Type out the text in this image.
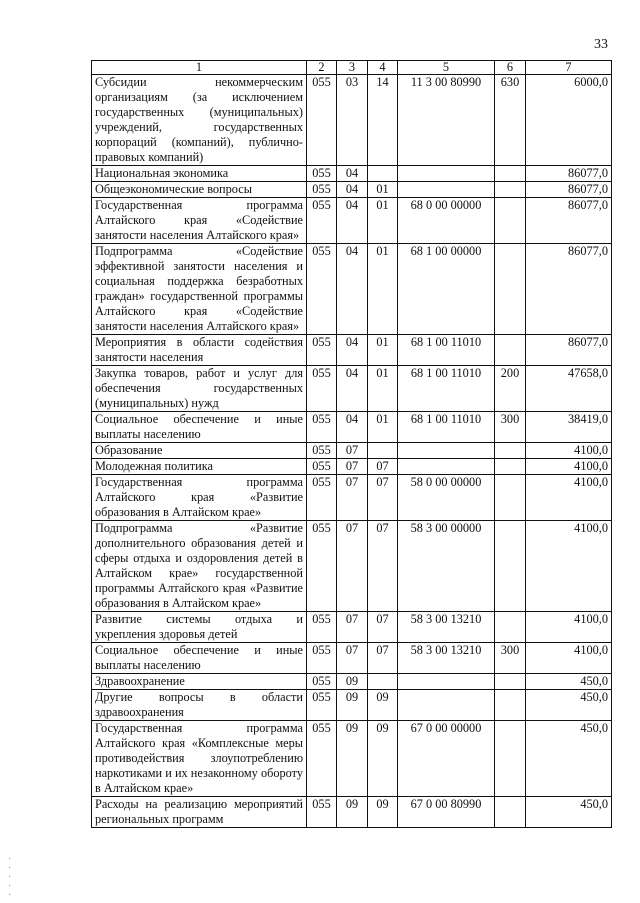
33
1	2	3	4	5	6	7
Субсидии некоммерческим организациям (за исключением государственных (муниципальных) учреждений, государственных корпораций (компаний), публично-правовых компаний)	055	03	14	11 3 00 80990	630	6000,0
Национальная экономика	055	04				86077,0
Общеэкономические вопросы	055	04	01			86077,0
Государственная программа Алтайского края «Содействие занятости населения Алтайского края»	055	04	01	68 0 00 00000		86077,0
Подпрограмма «Содействие эффективной занятости населения и социальная поддержка безработных граждан» государственной программы Алтайского края «Содействие занятости населения Алтайского края»	055	04	01	68 1 00 00000		86077,0
Мероприятия в области содействия занятости населения	055	04	01	68 1 00 11010		86077,0
Закупка товаров, работ и услуг для обеспечения государственных (муниципальных) нужд	055	04	01	68 1 00 11010	200	47658,0
Социальное обеспечение и иные выплаты населению	055	04	01	68 1 00 11010	300	38419,0
Образование	055	07				4100,0
Молодежная политика	055	07	07			4100,0
Государственная программа Алтайского края «Развитие образования в Алтайском крае»	055	07	07	58 0 00 00000		4100,0
Подпрограмма «Развитие дополнительного образования детей и сферы отдыха и оздоровления детей в Алтайском крае» государственной программы Алтайского края «Развитие образования в Алтайском крае»	055	07	07	58 3 00 00000		4100,0
Развитие системы отдыха и укрепления здоровья детей	055	07	07	58 3 00 13210		4100,0
Социальное обеспечение и иные выплаты населению	055	07	07	58 3 00 13210	300	4100,0
Здравоохранение	055	09				450,0
Другие вопросы в области здравоохранения	055	09	09			450,0
Государственная программа Алтайского края «Комплексные меры противодействия злоупотреблению наркотиками и их незаконному обороту в Алтайском крае»	055	09	09	67 0 00 00000		450,0
Расходы на реализацию мероприятий региональных программ	055	09	09	67 0 00 80990		450,0
·
·
·
·
·
